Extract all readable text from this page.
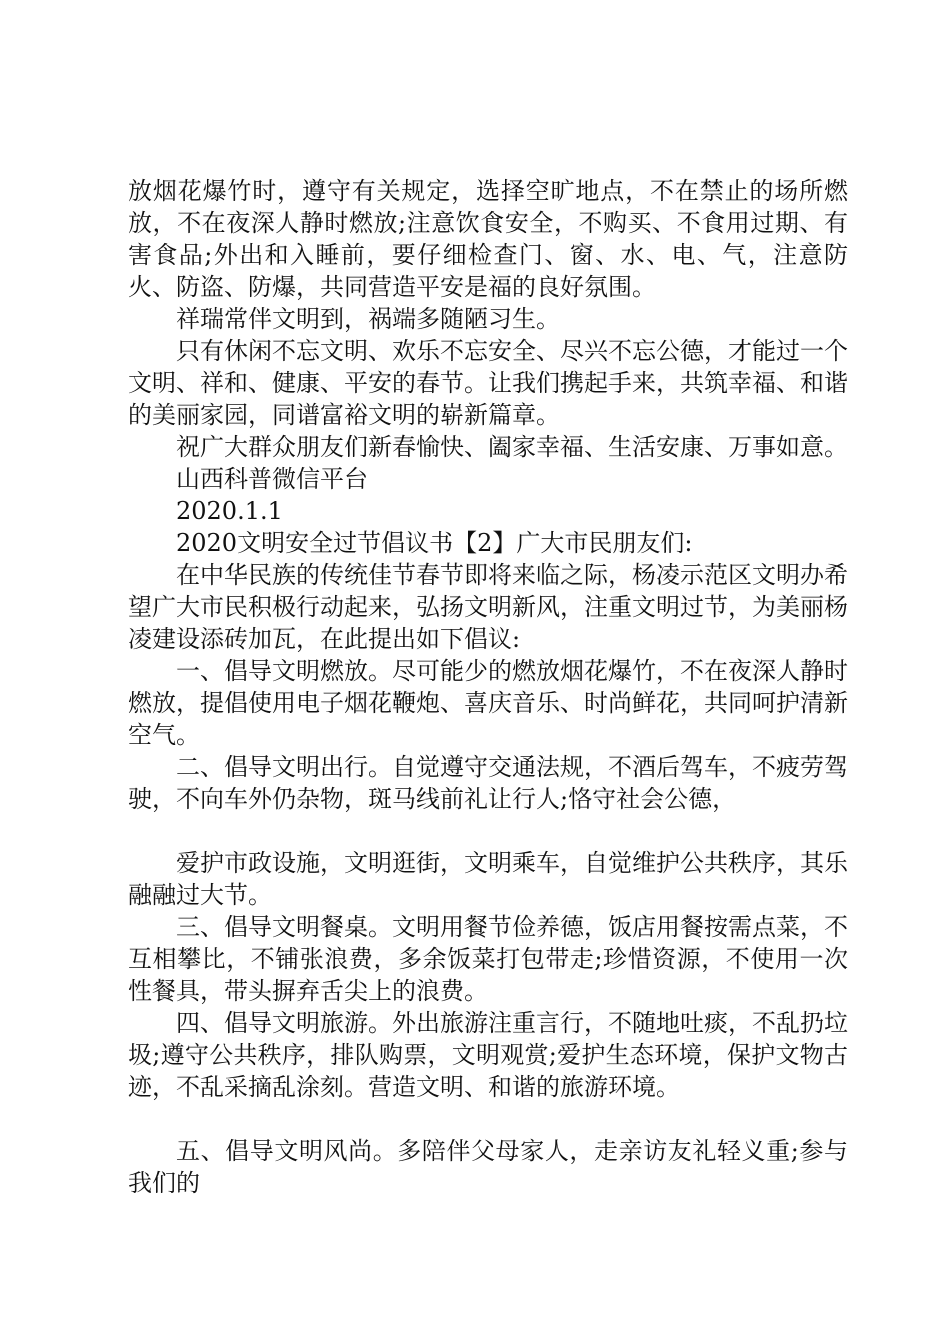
放烟花爆竹时，遵守有关规定，选择空旷地点，不在禁止的场所燃放，不在夜深人静时燃放;注意饮食安全，不购买、不食用过期、有害食品;外出和入睡前，要仔细检查门、窗、水、电、气，注意防火、防盗、防爆，共同营造平安是福的良好氛围。

祥瑞常伴文明到，祸端多随陋习生。

只有休闲不忘文明、欢乐不忘安全、尽兴不忘公德，才能过一个文明、祥和、健康、平安的春节。让我们携起手来，共筑幸福、和谐的美丽家园，同谱富裕文明的崭新篇章。

祝广大群众朋友们新春愉快、阖家幸福、生活安康、万事如意。

山西科普微信平台

2020.1.1

2020文明安全过节倡议书【2】广大市民朋友们:

在中华民族的传统佳节春节即将来临之际，杨凌示范区文明办希望广大市民积极行动起来，弘扬文明新风，注重文明过节，为美丽杨凌建设添砖加瓦，在此提出如下倡议:

一、倡导文明燃放。尽可能少的燃放烟花爆竹，不在夜深人静时燃放，提倡使用电子烟花鞭炮、喜庆音乐、时尚鲜花，共同呵护清新空气。

二、倡导文明出行。自觉遵守交通法规，不酒后驾车，不疲劳驾驶，不向车外仍杂物，斑马线前礼让行人;恪守社会公德，

爱护市政设施，文明逛街，文明乘车，自觉维护公共秩序，其乐融融过大节。

三、倡导文明餐桌。文明用餐节俭养德，饭店用餐按需点菜，不互相攀比，不铺张浪费，多余饭菜打包带走;珍惜资源，不使用一次性餐具，带头摒弃舌尖上的浪费。

四、倡导文明旅游。外出旅游注重言行，不随地吐痰，不乱扔垃圾;遵守公共秩序，排队购票，文明观赏;爱护生态环境，保护文物古迹，不乱采摘乱涂刻。营造文明、和谐的旅游环境。

五、倡导文明风尚。多陪伴父母家人，走亲访友礼轻义重;参与我们的
